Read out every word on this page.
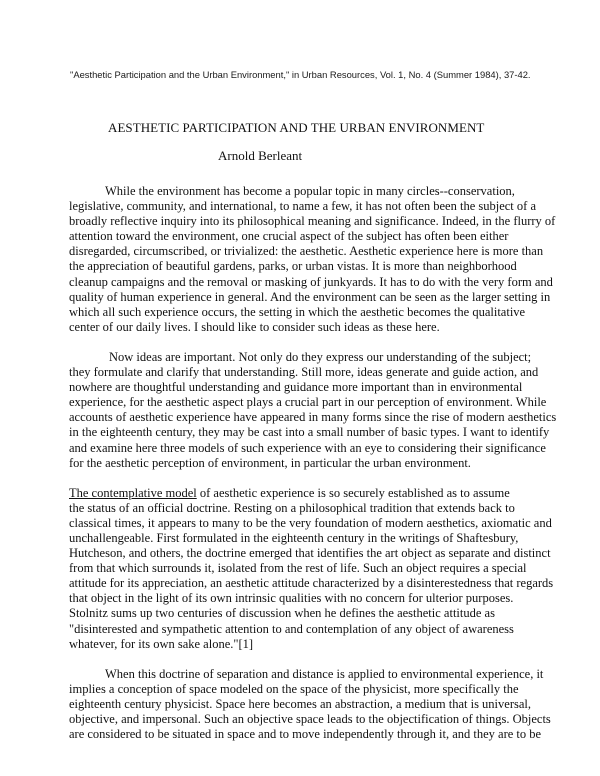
"Aesthetic Participation and the Urban Environment," in Urban Resources, Vol. 1, No. 4 (Summer 1984), 37-42.
AESTHETIC PARTICIPATION AND THE URBAN ENVIRONMENT
Arnold Berleant

While the environment has become a popular topic in many circles--conservation,
legislative, community, and international, to name a few, it has not often been the subject of a
broadly reflective inquiry into its philosophical meaning and significance. Indeed, in the flurry of
attention toward the environment, one crucial aspect of the subject has often been either
disregarded, circumscribed, or trivialized: the aesthetic. Aesthetic experience here is more than
the appreciation of beautiful gardens, parks, or urban vistas. It is more than neighborhood
cleanup campaigns and the removal or masking of junkyards. It has to do with the very form and
quality of human experience in general. And the environment can be seen as the larger setting in
which all such experience occurs, the setting in which the aesthetic becomes the qualitative
center of our daily lives. I should like to consider such ideas as these here.

Now ideas are important. Not only do they express our understanding of the subject;
they formulate and clarify that understanding. Still more, ideas generate and guide action, and
nowhere are thoughtful understanding and guidance more important than in environmental
experience, for the aesthetic aspect plays a crucial part in our perception of environment. While
accounts of aesthetic experience have appeared in many forms since the rise of modern aesthetics
in the eighteenth century, they may be cast into a small number of basic types. I want to identify
and examine here three models of such experience with an eye to considering their significance
for the aesthetic perception of environment, in particular the urban environment.

The contemplative model of aesthetic experience is so securely established as to assume
the status of an official doctrine. Resting on a philosophical tradition that extends back to
classical times, it appears to many to be the very foundation of modern aesthetics, axiomatic and
unchallengeable. First formulated in the eighteenth century in the writings of Shaftesbury,
Hutcheson, and others, the doctrine emerged that identifies the art object as separate and distinct
from that which surrounds it, isolated from the rest of life. Such an object requires a special
attitude for its appreciation, an aesthetic attitude characterized by a disinterestedness that regards
that object in the light of its own intrinsic qualities with no concern for ulterior purposes.
Stolnitz sums up two centuries of discussion when he defines the aesthetic attitude as
"disinterested and sympathetic attention to and contemplation of any object of awareness
whatever, for its own sake alone."[1]

When this doctrine of separation and distance is applied to environmental experience, it
implies a conception of space modeled on the space of the physicist, more specifically the
eighteenth century physicist. Space here becomes an abstraction, a medium that is universal,
objective, and impersonal. Such an objective space leads to the objectification of things. Objects
are considered to be situated in space and to move independently through it, and they are to be
